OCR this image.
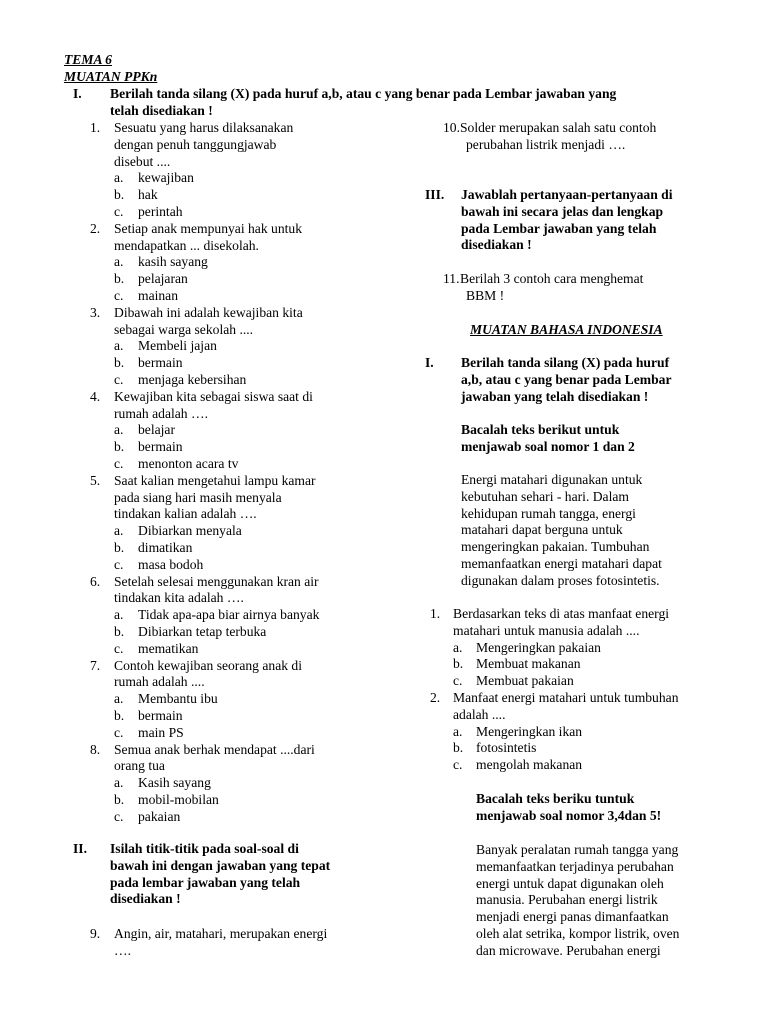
TEMA 6
MUATAN PPKn
I. Berilah tanda silang (X) pada huruf a,b, atau c yang benar pada Lembar jawaban yang
telah disediakan !
1. Sesuatu yang harus dilaksanakan
dengan penuh tanggungjawab
disebut ....
a. kewajiban
b. hak
c. perintah
2. Setiap anak mempunyai hak untuk
mendapatkan ... disekolah.
a. kasih sayang
b. pelajaran
c. mainan
3. Dibawah ini adalah kewajiban kita
sebagai warga sekolah ....
a. Membeli jajan
b. bermain
c. menjaga kebersihan
4. Kewajiban kita sebagai siswa saat di
rumah adalah ….
a. belajar
b. bermain
c. menonton acara tv
5. Saat kalian mengetahui lampu kamar
pada siang hari masih menyala
tindakan kalian adalah ….
a. Dibiarkan menyala
b. dimatikan
c. masa bodoh
6. Setelah selesai menggunakan kran air
tindakan kita adalah ….
a. Tidak apa-apa biar airnya banyak
b. Dibiarkan tetap terbuka
c. mematikan
7. Contoh kewajiban seorang anak di
rumah adalah ....
a. Membantu ibu
b. bermain
c. main PS
8. Semua anak berhak mendapat ....dari
orang tua
a. Kasih sayang
b. mobil-mobilan
c. pakaian
II. Isilah titik-titik pada soal-soal di
bawah ini dengan jawaban yang tepat
pada lembar jawaban yang telah
disediakan !
9. Angin, air, matahari, merupakan energi
….
10. Solder merupakan salah satu contoh
perubahan listrik menjadi ….
III. Jawablah pertanyaan-pertanyaan di
bawah ini secara jelas dan lengkap
pada Lembar jawaban yang telah
disediakan !
11. Berilah 3 contoh cara menghemat
BBM !
MUATAN BAHASA INDONESIA
I. Berilah tanda silang (X) pada huruf
a,b, atau c yang benar pada Lembar
jawaban yang telah disediakan !
Bacalah teks berikut untuk
menjawab soal nomor 1 dan 2
Energi matahari digunakan untuk
kebutuhan sehari - hari. Dalam
kehidupan rumah tangga, energi
matahari dapat berguna untuk
mengeringkan pakaian. Tumbuhan
memanfaatkan energi matahari dapat
digunakan dalam proses fotosintetis.
1. Berdasarkan teks di atas manfaat energi
matahari untuk manusia adalah ....
a. Mengeringkan pakaian
b. Membuat makanan
c. Membuat pakaian
2. Manfaat energi matahari untuk tumbuhan
adalah ....
a. Mengeringkan ikan
b. fotosintetis
c. mengolah makanan
Bacalah teks beriku tuntuk
menjawab soal nomor 3,4dan 5!
Banyak peralatan rumah tangga yang
memanfaatkan terjadinya perubahan
energi untuk dapat digunakan oleh
manusia. Perubahan energi listrik
menjadi energi panas dimanfaatkan
oleh alat setrika, kompor listrik, oven
dan microwave. Perubahan energi
